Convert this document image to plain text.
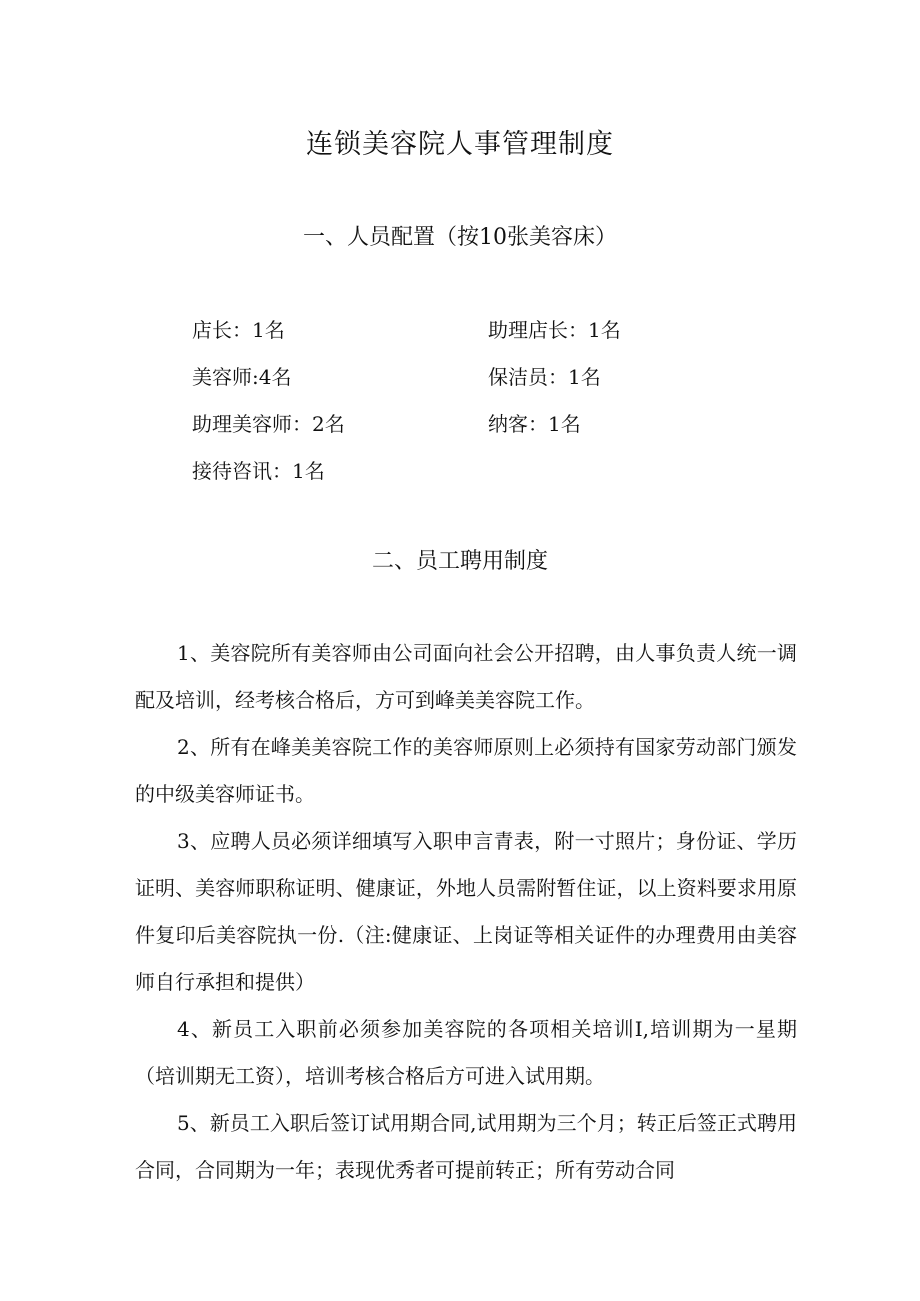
连锁美容院人事管理制度
一、人员配置（按10张美容床）
店长：1名	助理店长：1名
美容师:4名	保洁员：1名
助理美容师：2名	纳客：1名
接待咨讯：1名
二、员工聘用制度

1、美容院所有美容师由公司面向社会公开招聘，由人事负责人统一调配及培训，经考核合格后，方可到峰美美容院工作。

2、所有在峰美美容院工作的美容师原则上必须持有国家劳动部门颁发的中级美容师证书。

3、应聘人员必须详细填写入职申言青表，附一寸照片；身份证、学历证明、美容师职称证明、健康证，外地人员需附暂住证，以上资料要求用原件复印后美容院执一份.（注:健康证、上岗证等相关证件的办理费用由美容师自行承担和提供）

4、新员工入职前必须参加美容院的各项相关培训I,培训期为一星期（培训期无工资），培训考核合格后方可进入试用期。

5、新员工入职后签订试用期合同,试用期为三个月；转正后签正式聘用合同，合同期为一年；表现优秀者可提前转正；所有劳动合同
